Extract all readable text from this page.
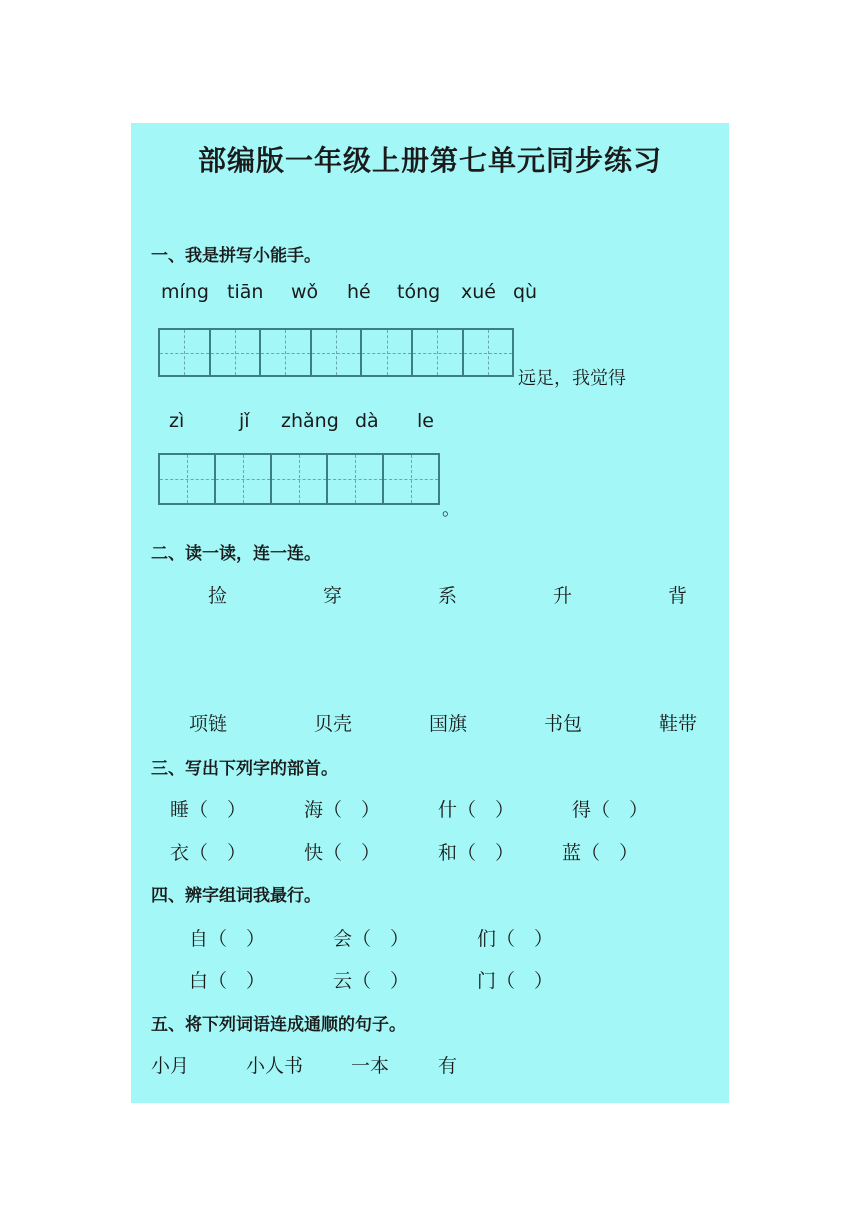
部编版一年级上册第七单元同步练习
一、我是拼写小能手。
míng tiān wǒ hé tóng xué qù
远足，我觉得
zì	jǐ zhǎng dà le
。
二、读一读，连一连。
捡	穿	系	升	背
项链	贝壳	国旗	书包	鞋带
三、写出下列字的部首。
睡（　）	海（　）	什（　）	得（　）
衣（　）	快（　）	和（　）	蓝（　）
四、辨字组词我最行。
自（　）	会（　）	们（　）
白（　）	云（　）	门（　）
五、将下列词语连成通顺的句子。
小月	小人书	一本	有
